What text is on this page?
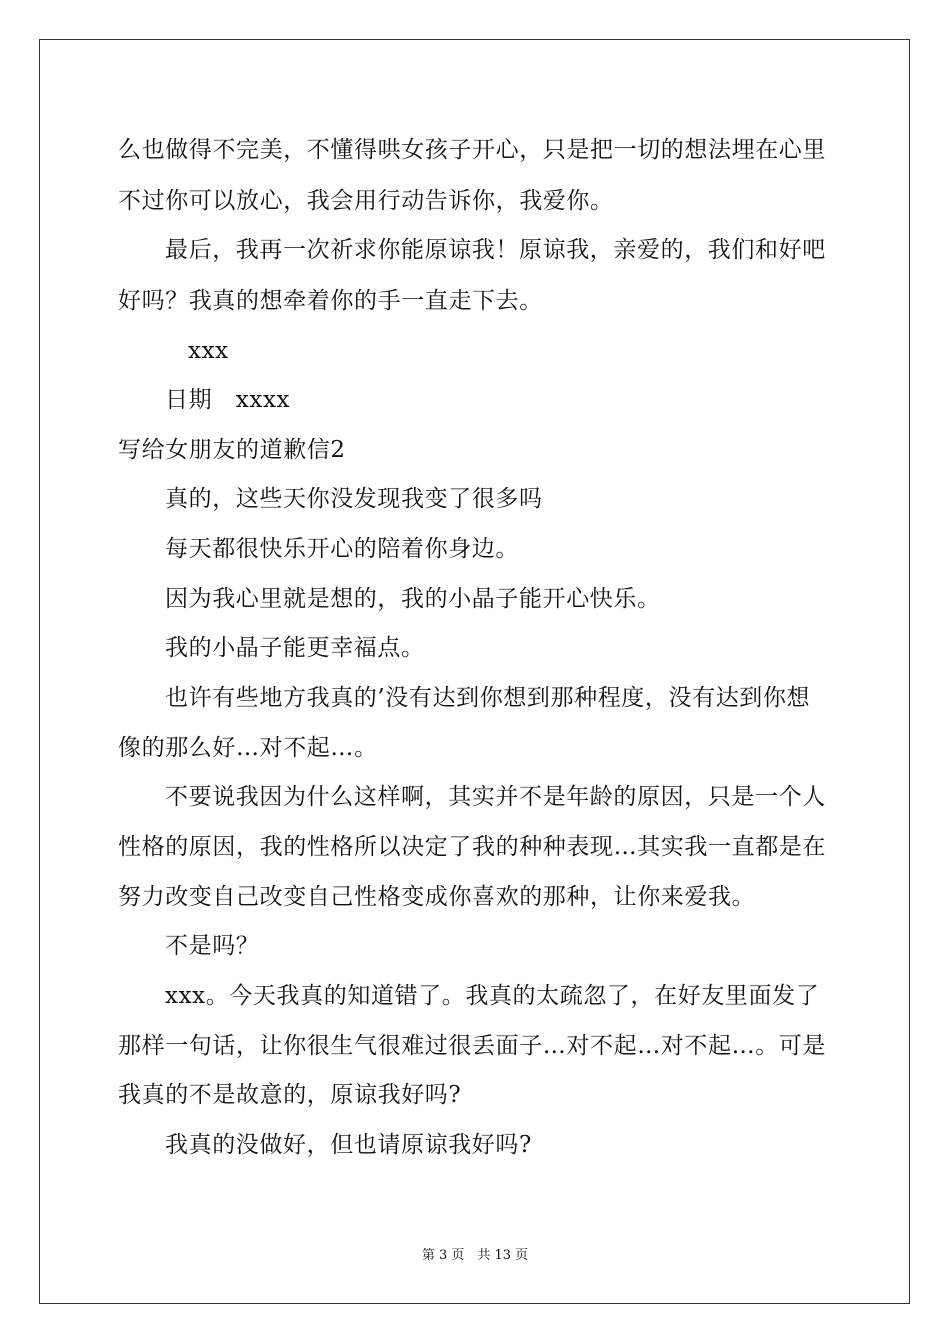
么也做得不完美，不懂得哄女孩子开心，只是把一切的想法埋在心里
不过你可以放心，我会用行动告诉你，我爱你。
最后，我再一次祈求你能原谅我！原谅我，亲爱的，我们和好吧
好吗？我真的想牵着你的手一直走下去。
xxx
日期　xxxx
写给女朋友的道歉信2
真的，这些天你没发现我变了很多吗
每天都很快乐开心的陪着你身边。
因为我心里就是想的，我的小晶子能开心快乐。
我的小晶子能更幸福点。
也许有些地方我真的’没有达到你想到那种程度，没有达到你想
像的那么好…对不起…。
不要说我因为什么这样啊，其实并不是年龄的原因，只是一个人
性格的原因，我的性格所以决定了我的种种表现…其实我一直都是在
努力改变自己改变自己性格变成你喜欢的那种，让你来爱我。
不是吗？
xxx。今天我真的知道错了。我真的太疏忽了，在好友里面发了
那样一句话，让你很生气很难过很丢面子…对不起…对不起…。可是
我真的不是故意的，原谅我好吗?
我真的没做好，但也请原谅我好吗?
第 3 页　共 13 页
